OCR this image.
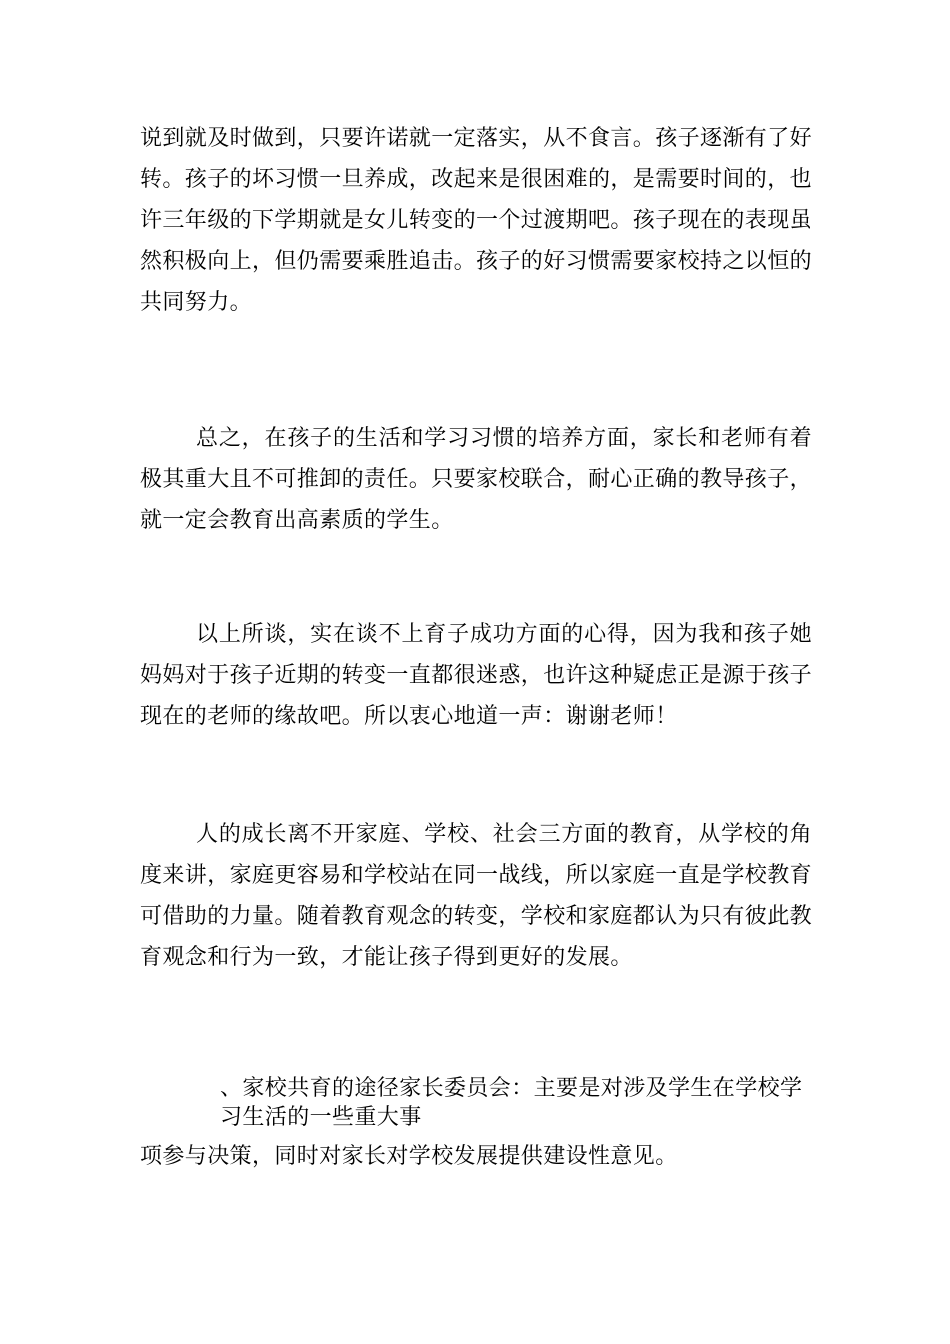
说到就及时做到，只要许诺就一定落实，从不食言。孩子逐渐有了好转。孩子的坏习惯一旦养成，改起来是很困难的，是需要时间的，也许三年级的下学期就是女儿转变的一个过渡期吧。孩子现在的表现虽然积极向上，但仍需要乘胜追击。孩子的好习惯需要家校持之以恒的共同努力。

总之，在孩子的生活和学习习惯的培养方面，家长和老师有着极其重大且不可推卸的责任。只要家校联合，耐心正确的教导孩子，就一定会教育出高素质的学生。

以上所谈，实在谈不上育子成功方面的心得，因为我和孩子她妈妈对于孩子近期的转变一直都很迷惑，也许这种疑虑正是源于孩子现在的老师的缘故吧。所以衷心地道一声：谢谢老师！

人的成长离不开家庭、学校、社会三方面的教育，从学校的角度来讲，家庭更容易和学校站在同一战线，所以家庭一直是学校教育可借助的力量。随着教育观念的转变，学校和家庭都认为只有彼此教育观念和行为一致，才能让孩子得到更好的发展。

、家校共育的途径家长委员会：主要是对涉及学生在学校学习生活的一些重大事

项参与决策，同时对家长对学校发展提供建设性意见。
